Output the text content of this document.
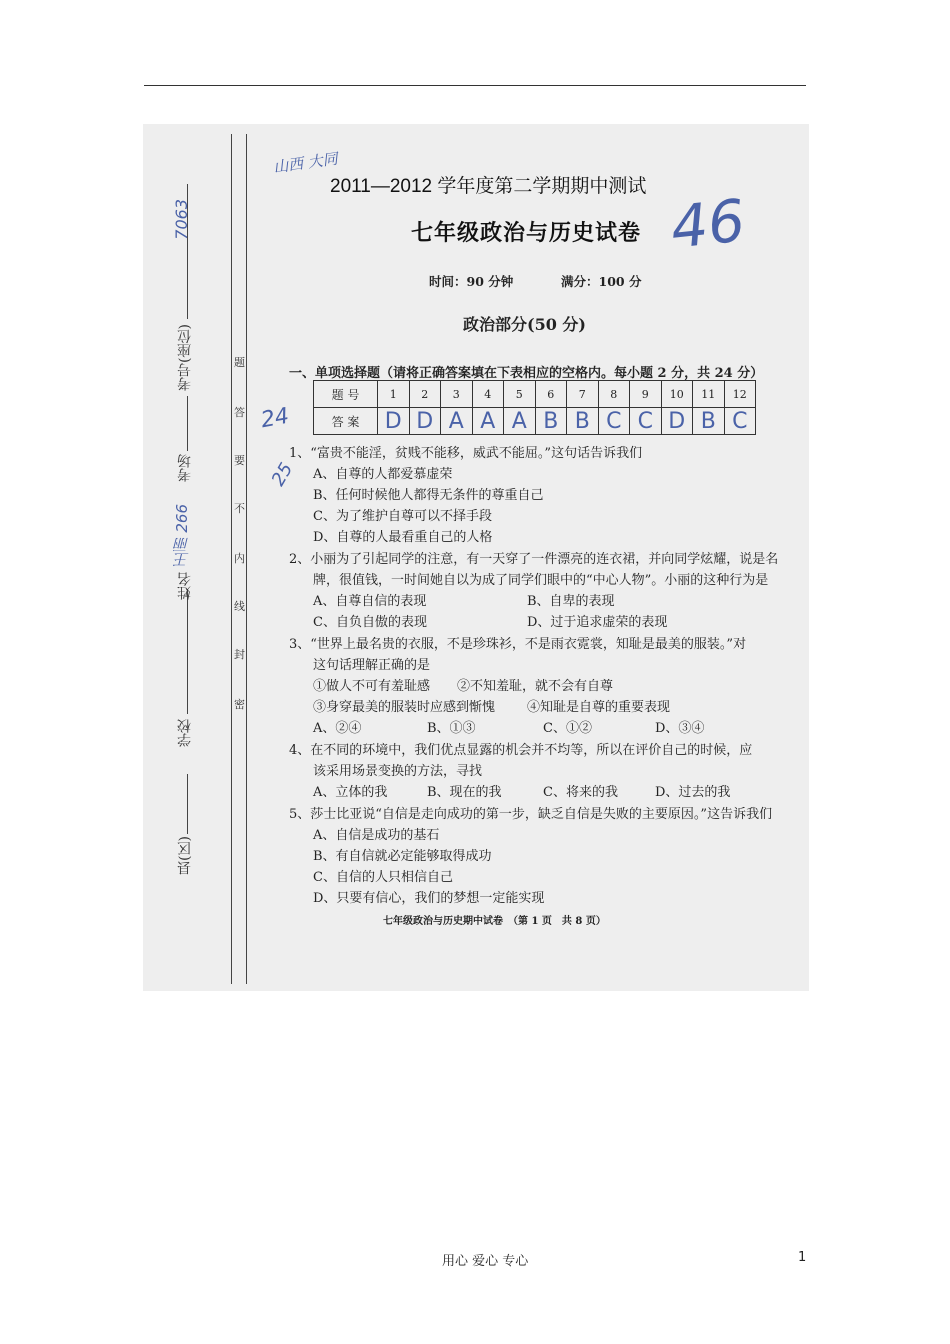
县(区)
学校
姓名
考场
考号(座位)
7063
王丽 266
题
答
要
不
内
线
封
密
山西 大同
46
24
25
2011—2012 学年度第二学期期中测试
七年级政治与历史试卷
时间：90 分钟	满分：100 分
政治部分(50 分)
一、单项选择题（请将正确答案填在下表相应的空格内。每小题 2 分，共 24 分）
题 号	1	2	3	4	5	6	7	8	9	10	11	12
答 案	D	D	A	A	A	B	B	C	C	D	B	C
1、“富贵不能淫，贫贱不能移，威武不能屈。”这句话告诉我们
A、自尊的人都爱慕虚荣
B、任何时候他人都得无条件的尊重自己
C、为了维护自尊可以不择手段
D、自尊的人最看重自己的人格
2、小丽为了引起同学的注意，有一天穿了一件漂亮的连衣裙，并向同学炫耀，说是名
牌，很值钱，一时间她自以为成了同学们眼中的“中心人物”。小丽的这种行为是
A、自尊自信的表现	B、自卑的表现
C、自负自傲的表现	D、过于追求虚荣的表现
3、“世界上最名贵的衣服，不是珍珠衫，不是雨衣霓裳，知耻是最美的服装。”对
这句话理解正确的是
①做人不可有羞耻感 ②不知羞耻，就不会有自尊
③身穿最美的服装时应感到惭愧 ④知耻是自尊的重要表现
A、②④	B、①③	C、①②	D、③④
4、在不同的环境中，我们优点显露的机会并不均等，所以在评价自己的时候，应
该采用场景变换的方法，寻找
A、立体的我	B、现在的我	C、将来的我	D、过去的我
5、莎士比亚说“自信是走向成功的第一步，缺乏自信是失败的主要原因。”这告诉我们
A、自信是成功的基石
B、有自信就必定能够取得成功
C、自信的人只相信自己
D、只要有信心，我们的梦想一定能实现
七年级政治与历史期中试卷　（第 1 页　共 8 页）
用心 爱心 专心	1
